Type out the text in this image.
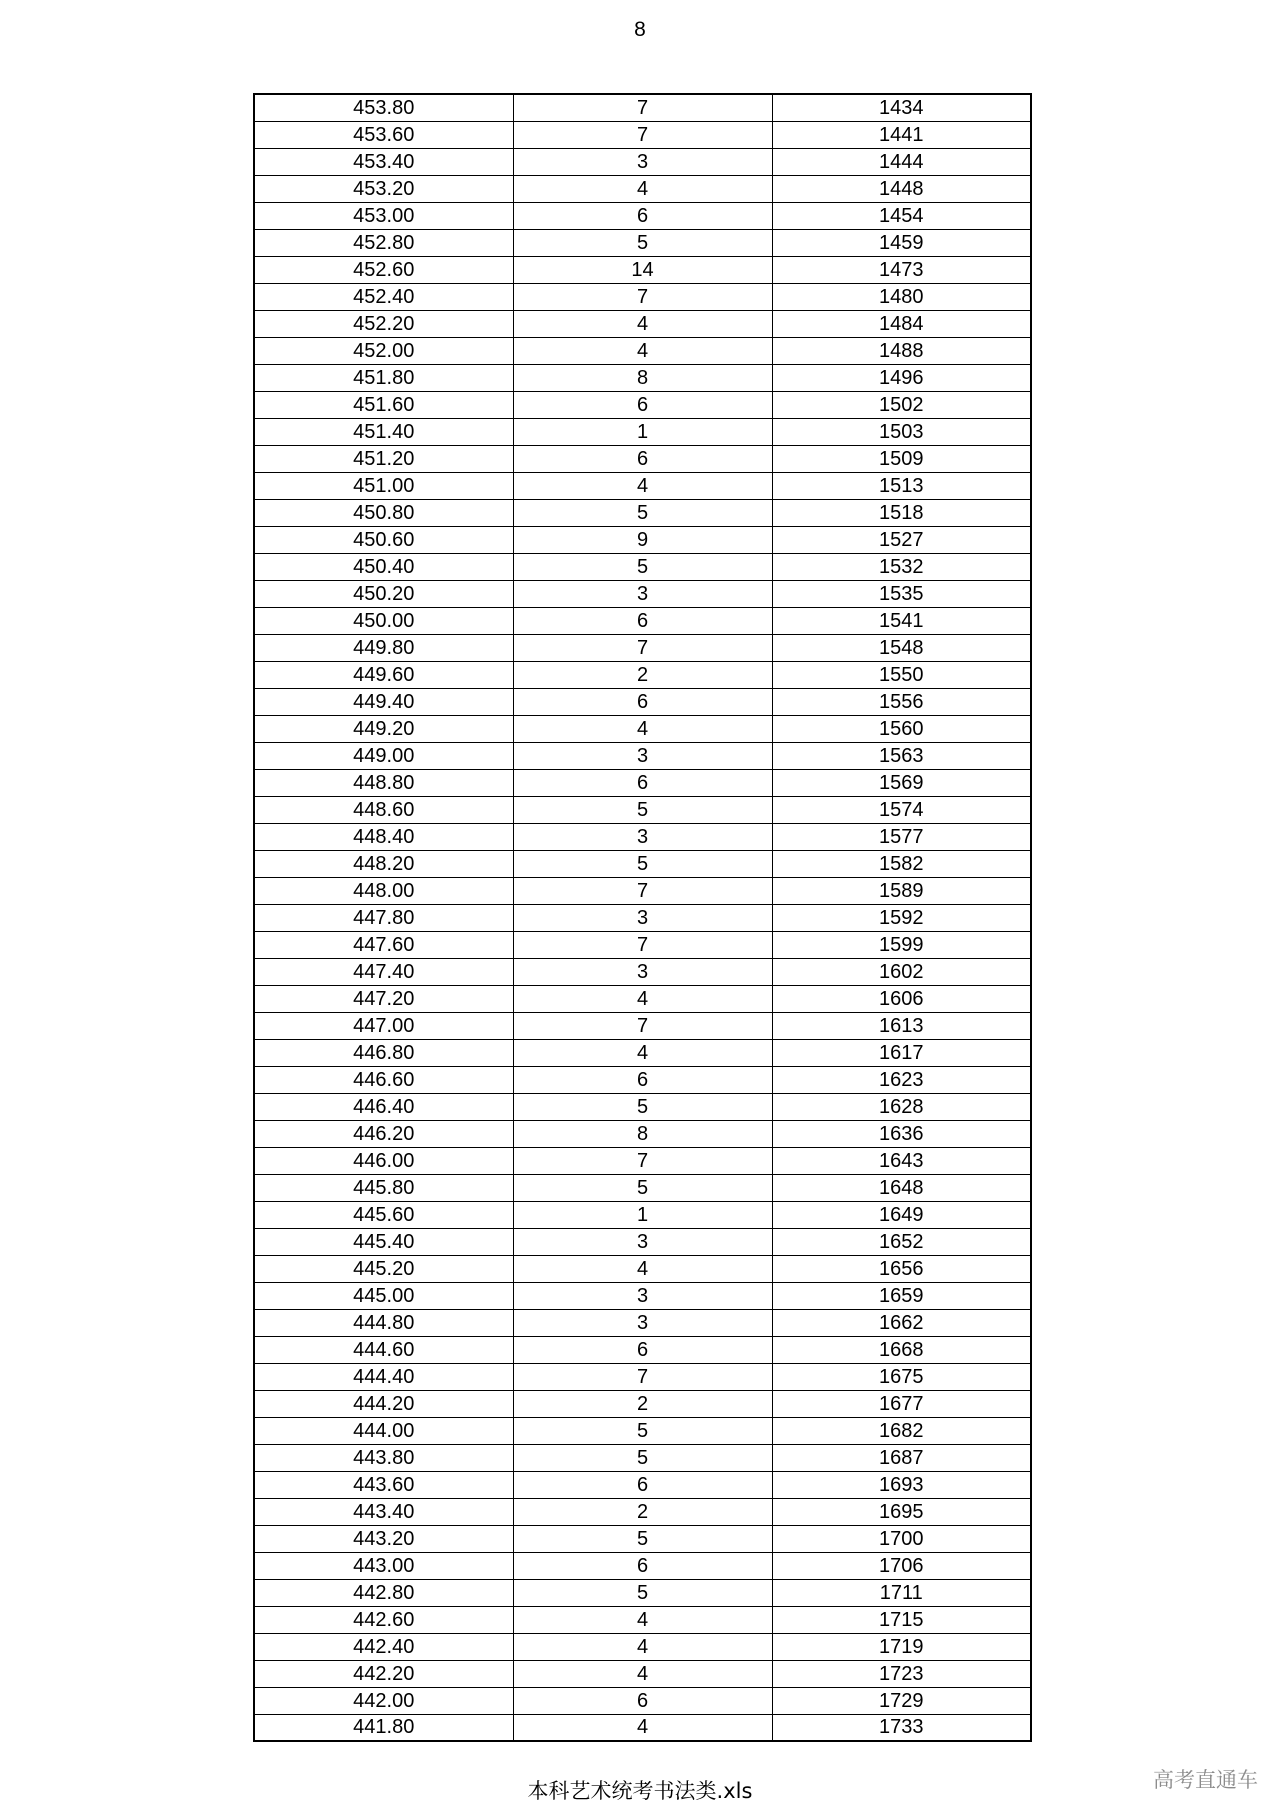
8
453.80	7	1434
453.60	7	1441
453.40	3	1444
453.20	4	1448
453.00	6	1454
452.80	5	1459
452.60	14	1473
452.40	7	1480
452.20	4	1484
452.00	4	1488
451.80	8	1496
451.60	6	1502
451.40	1	1503
451.20	6	1509
451.00	4	1513
450.80	5	1518
450.60	9	1527
450.40	5	1532
450.20	3	1535
450.00	6	1541
449.80	7	1548
449.60	2	1550
449.40	6	1556
449.20	4	1560
449.00	3	1563
448.80	6	1569
448.60	5	1574
448.40	3	1577
448.20	5	1582
448.00	7	1589
447.80	3	1592
447.60	7	1599
447.40	3	1602
447.20	4	1606
447.00	7	1613
446.80	4	1617
446.60	6	1623
446.40	5	1628
446.20	8	1636
446.00	7	1643
445.80	5	1648
445.60	1	1649
445.40	3	1652
445.20	4	1656
445.00	3	1659
444.80	3	1662
444.60	6	1668
444.40	7	1675
444.20	2	1677
444.00	5	1682
443.80	5	1687
443.60	6	1693
443.40	2	1695
443.20	5	1700
443.00	6	1706
442.80	5	1711
442.60	4	1715
442.40	4	1719
442.20	4	1723
442.00	6	1729
441.80	4	1733
本科艺术统考书法类.xls	高考直通车
